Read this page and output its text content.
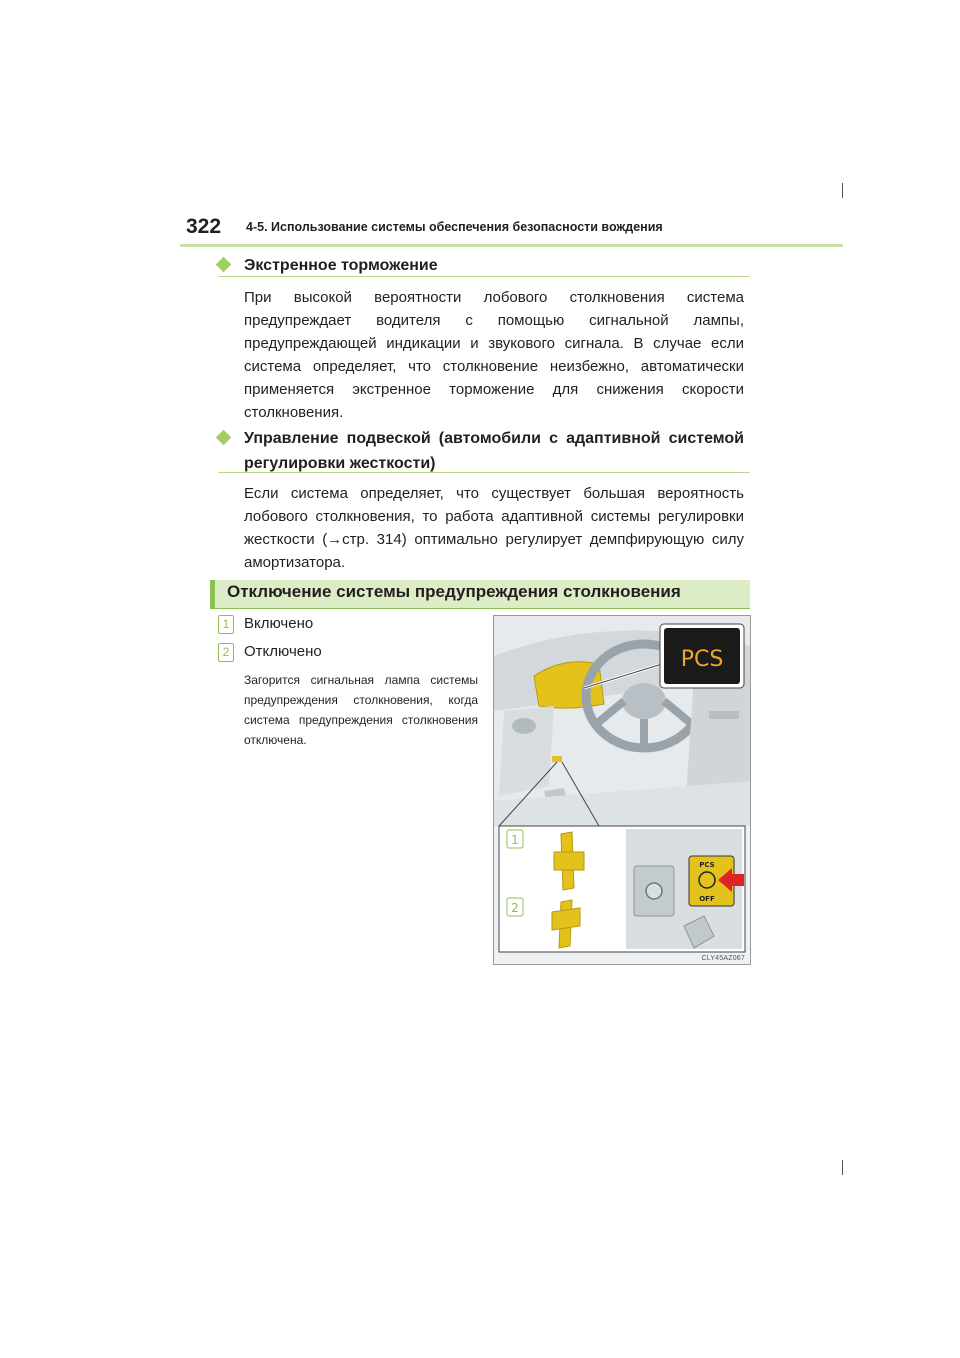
322 4-5. Использование системы обеспечения безопасности вождения
Экстренное торможение
При высокой вероятности лобового столкновения система предупреждает водителя с помощью сигнальной лампы, предупреждающей индикации и звукового сигнала. В случае если система определяет, что столкновение неизбежно, автоматически применяется экстренное торможение для снижения скорости столкновения.
Управление подвеской (автомобили с адаптивной системой регулировки жесткости)
Если система определяет, что существует большая вероятность лобового столкновения, то работа адаптивной системы регулировки жесткости (→стр. 314) оптимально регулирует демпфирующую силу амортизатора.
Отключение системы предупреждения столкновения
1 Включено
2 Отключено
Загорится сигнальная лампа системы предупреждения столкновения, когда система предупреждения столкновения отключена.
PCS
PCS
OFF
1
2
CLY45AZ067
